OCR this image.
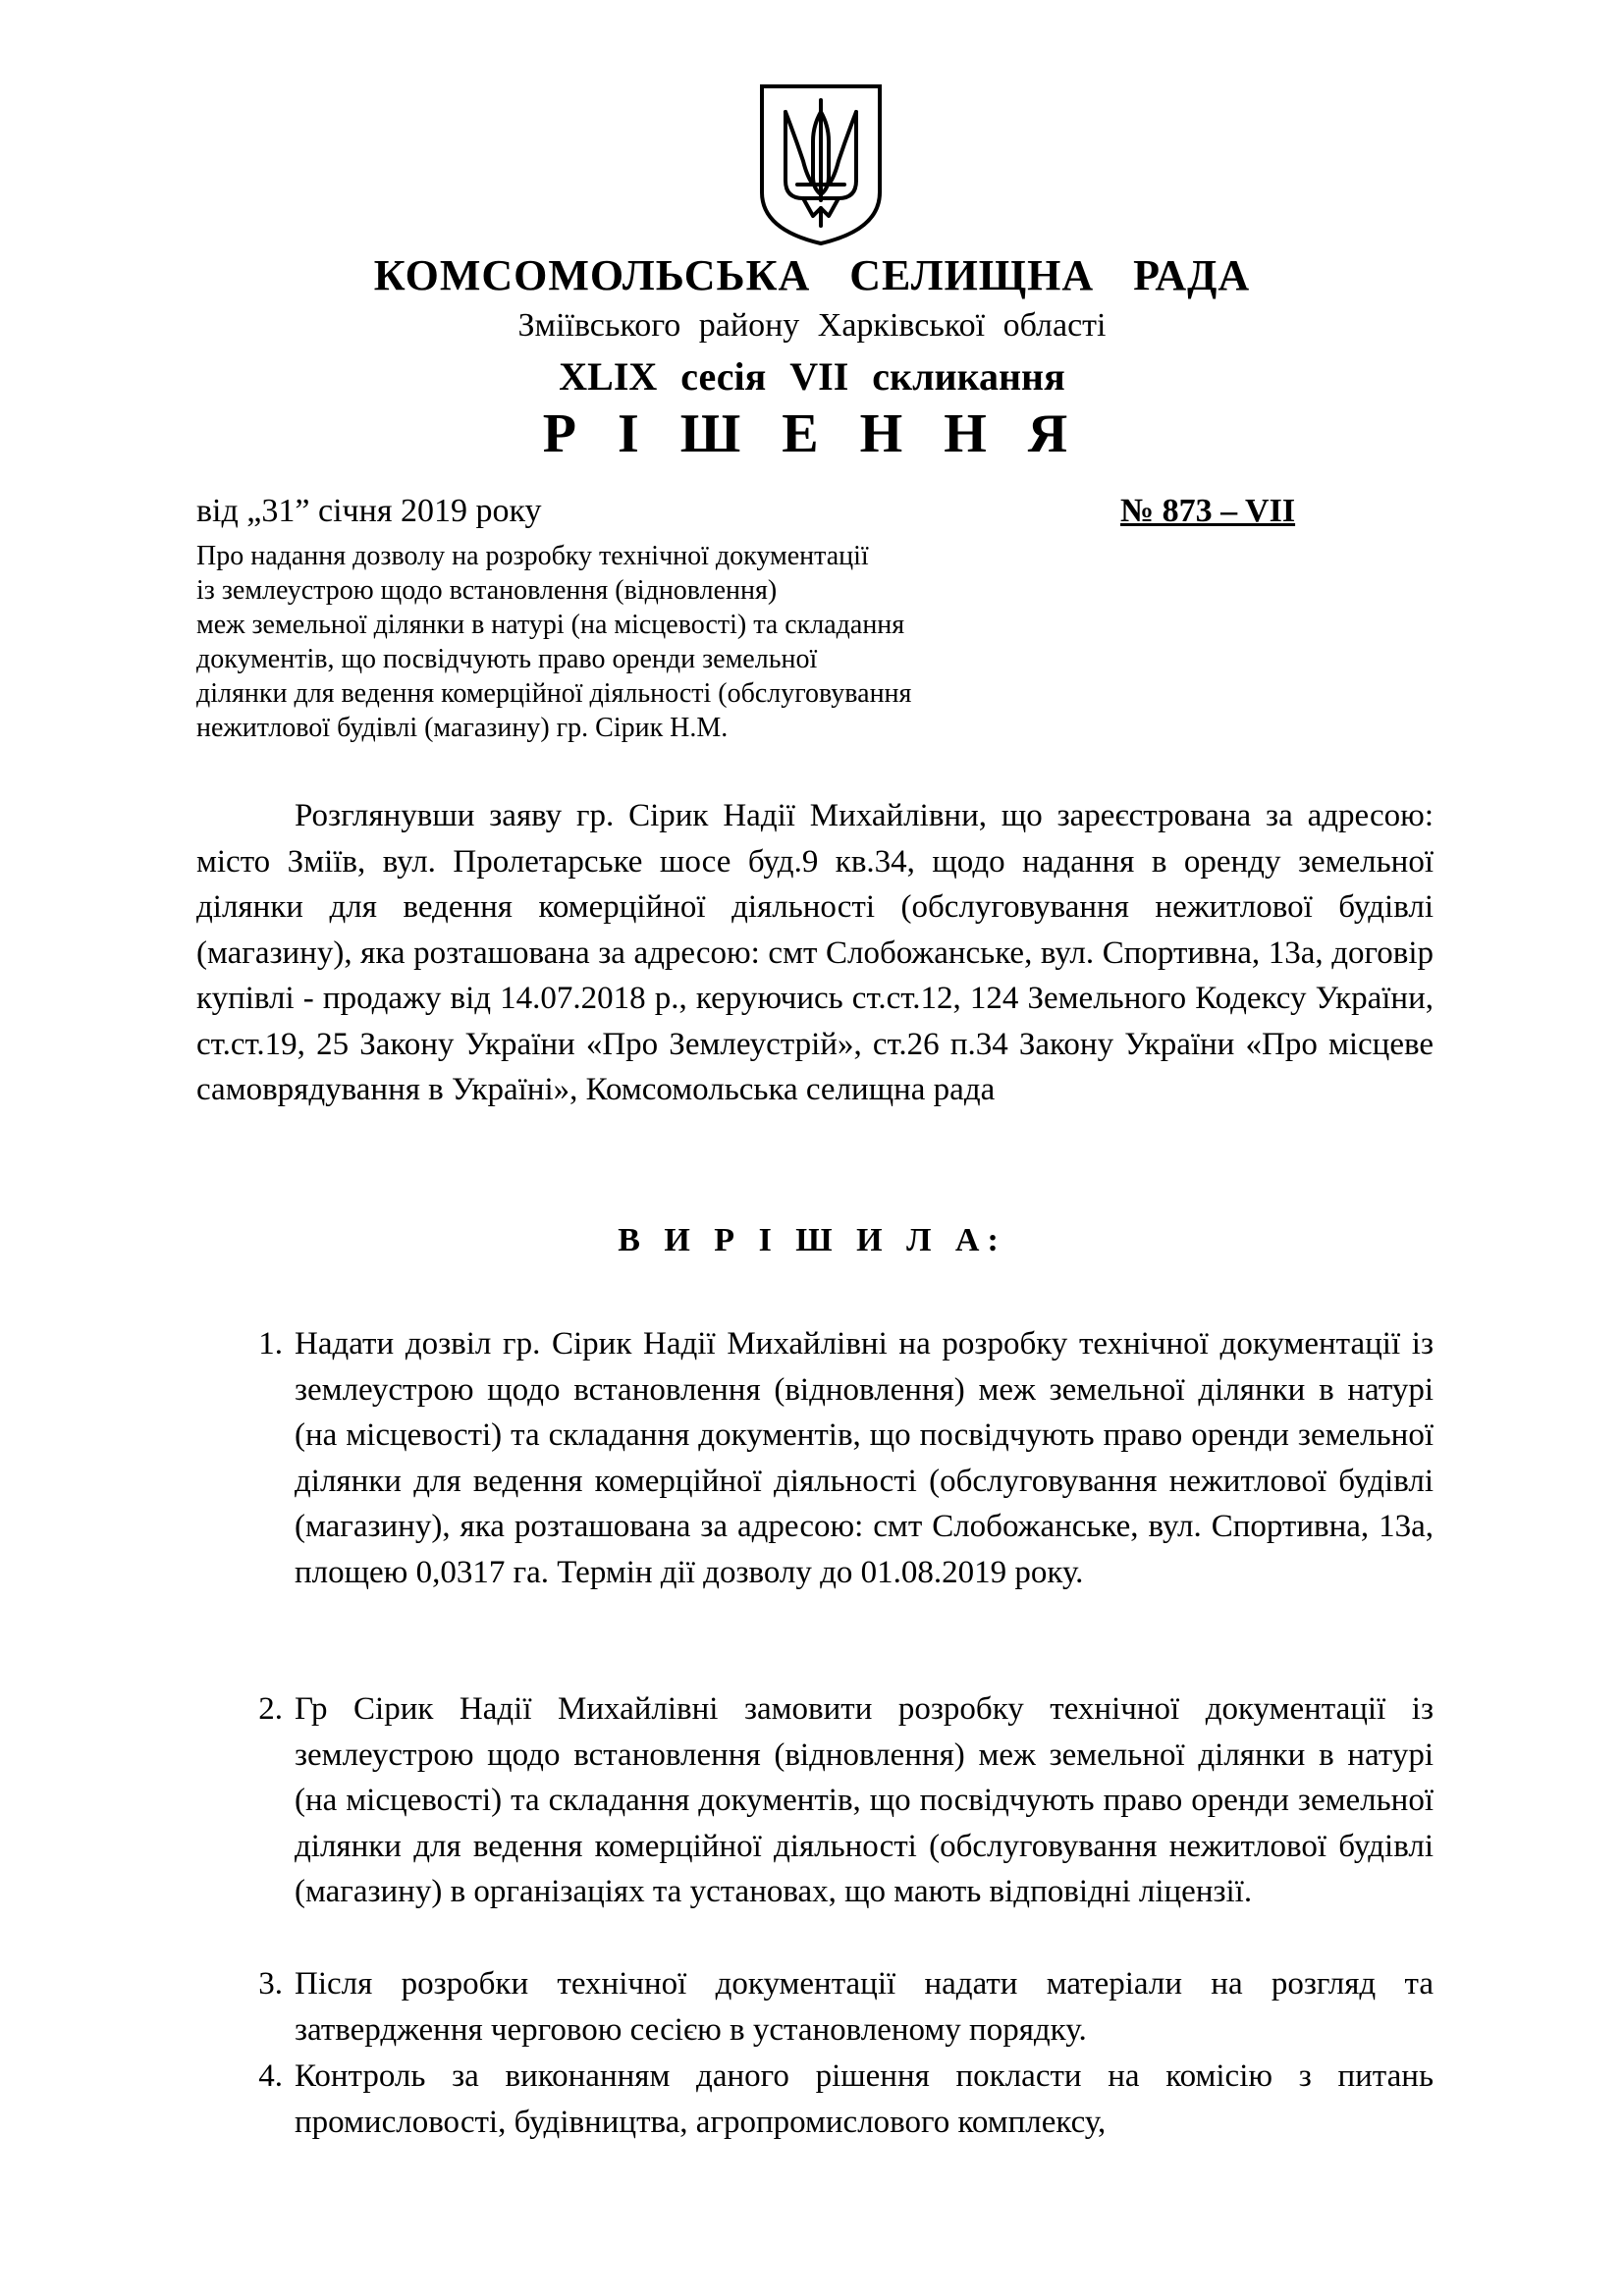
КОМСОМОЛЬСЬКА СЕЛИЩНА РАДА
Зміївського району Харківської області
XLIX сесія VII скликання
Р І Ш Е Н Н Я
від „31” січня 2019 року	№ 873 – VII

Про надання дозволу на розробку технічної документації
із землеустрою щодо встановлення (відновлення)
меж земельної ділянки в натурі (на місцевості) та складання
документів, що посвідчують право оренди земельної
ділянки для ведення комерційної діяльності (обслуговування
нежитлової будівлі (магазину) гр. Сірик Н.М.

Розглянувши заяву гр. Сірик Надії Михайлівни, що зареєстрована за адресою: місто Зміїв, вул. Пролетарське шосе буд.9 кв.34, щодо надання в оренду земельної ділянки для ведення комерційної діяльності (обслуговування нежитлової будівлі (магазину), яка розташована за адресою: смт Слобожанське, вул. Спортивна, 13а, договір купівлі - продажу від 14.07.2018 р., керуючись ст.ст.12, 124 Земельного Кодексу України, ст.ст.19, 25 Закону України «Про Землеустрій», ст.26 п.34 Закону України «Про місцеве самоврядування в Україні», Комсомольська селищна рада

В И Р І Ш И Л А:

1. Надати дозвіл гр. Сірик Надії Михайлівні на розробку технічної документації із землеустрою щодо встановлення (відновлення) меж земельної ділянки в натурі (на місцевості) та складання документів, що посвідчують право оренди земельної ділянки для ведення комерційної діяльності (обслуговування нежитлової будівлі (магазину), яка розташована за адресою: смт Слобожанське, вул. Спортивна, 13а, площею 0,0317 га. Термін дії дозволу до 01.08.2019 року.

2. Гр Сірик Надії Михайлівні замовити розробку технічної документації із землеустрою щодо встановлення (відновлення) меж земельної ділянки в натурі (на місцевості) та складання документів, що посвідчують право оренди земельної ділянки для ведення комерційної діяльності (обслуговування нежитлової будівлі (магазину) в організаціях та установах, що мають відповідні ліцензії.

3. Після розробки технічної документації надати матеріали на розгляд та затвердження черговою сесією в установленому порядку.

4. Контроль за виконанням даного рішення покласти на комісію з питань промисловості, будівництва, агропромислового комплексу,
